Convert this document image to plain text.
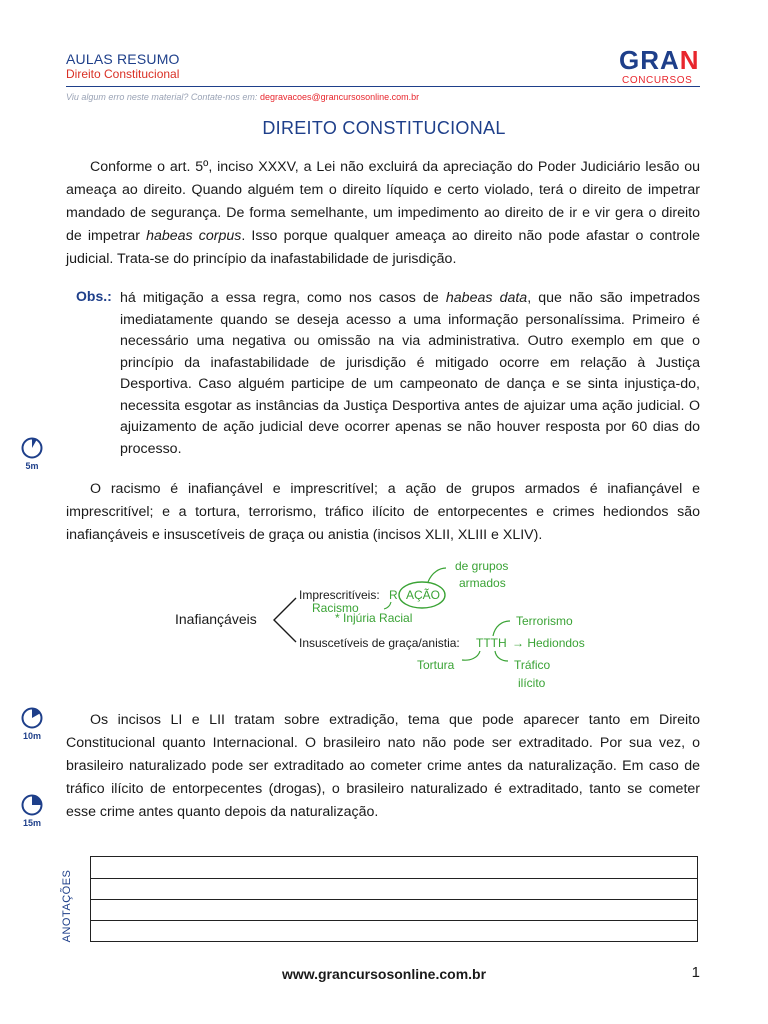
AULAS RESUMO
Direito Constitucional	GRAN
CONCURSOS
Viu algum erro neste material? Contate-nos em: degravacoes@grancursosonline.com.br
DIREITO CONSTITUCIONAL
Conforme o art. 5º, inciso XXXV, a Lei não excluirá da apreciação do Poder Judiciário lesão ou ameaça ao direito. Quando alguém tem o direito líquido e certo violado, terá o direito de impetrar mandado de segurança. De forma semelhante, um impedimento ao direito de ir e vir gera o direito de impetrar habeas corpus. Isso porque qualquer ameaça ao direito não pode afastar o controle judicial. Trata-se do princípio da inafastabilidade de jurisdição.
Obs.: há mitigação a essa regra, como nos casos de habeas data, que não são impetrados imediatamente quando se deseja acesso a uma informação personalíssima. Primeiro é necessário uma negativa ou omissão na via administrativa. Outro exemplo em que o princípio da inafastabilidade de jurisdição é mitigado ocorre em relação à Justiça Desportiva. Caso alguém participe de um campeonato de dança e se sinta injustiça-do, necessita esgotar as instâncias da Justiça Desportiva antes de ajuizar uma ação judicial. O ajuizamento de ação judicial deve ocorrer apenas se não houver resposta por 60 dias do processo.
5m
10m
15m
O racismo é inafiançável e imprescritível; a ação de grupos armados é inafiançável e imprescritível; e a tortura, terrorismo, tráfico ilícito de entorpecentes e crimes hediondos são inafiançáveis e insuscetíveis de graça ou anistia (incisos XLII, XLIII e XLIV).
Inafiançáveis
Imprescritíveis: R AÇÃO
de grupos
armados
Racismo
* Injúria Racial
Insuscetíveis de graça/anistia: TTTH → Hediondos
Terrorismo
Tortura	Tráfico
ilícito
Os incisos LI e LII tratam sobre extradição, tema que pode aparecer tanto em Direito Constitucional quanto Internacional. O brasileiro nato não pode ser extraditado. Por sua vez, o brasileiro naturalizado pode ser extraditado ao cometer crime antes da naturalização. Em caso de tráfico ilícito de entorpecentes (drogas), o brasileiro naturalizado é extraditado, tanto se cometer esse crime antes quanto depois da naturalização.
ANOTAÇÕES
www.grancursosonline.com.br	1
